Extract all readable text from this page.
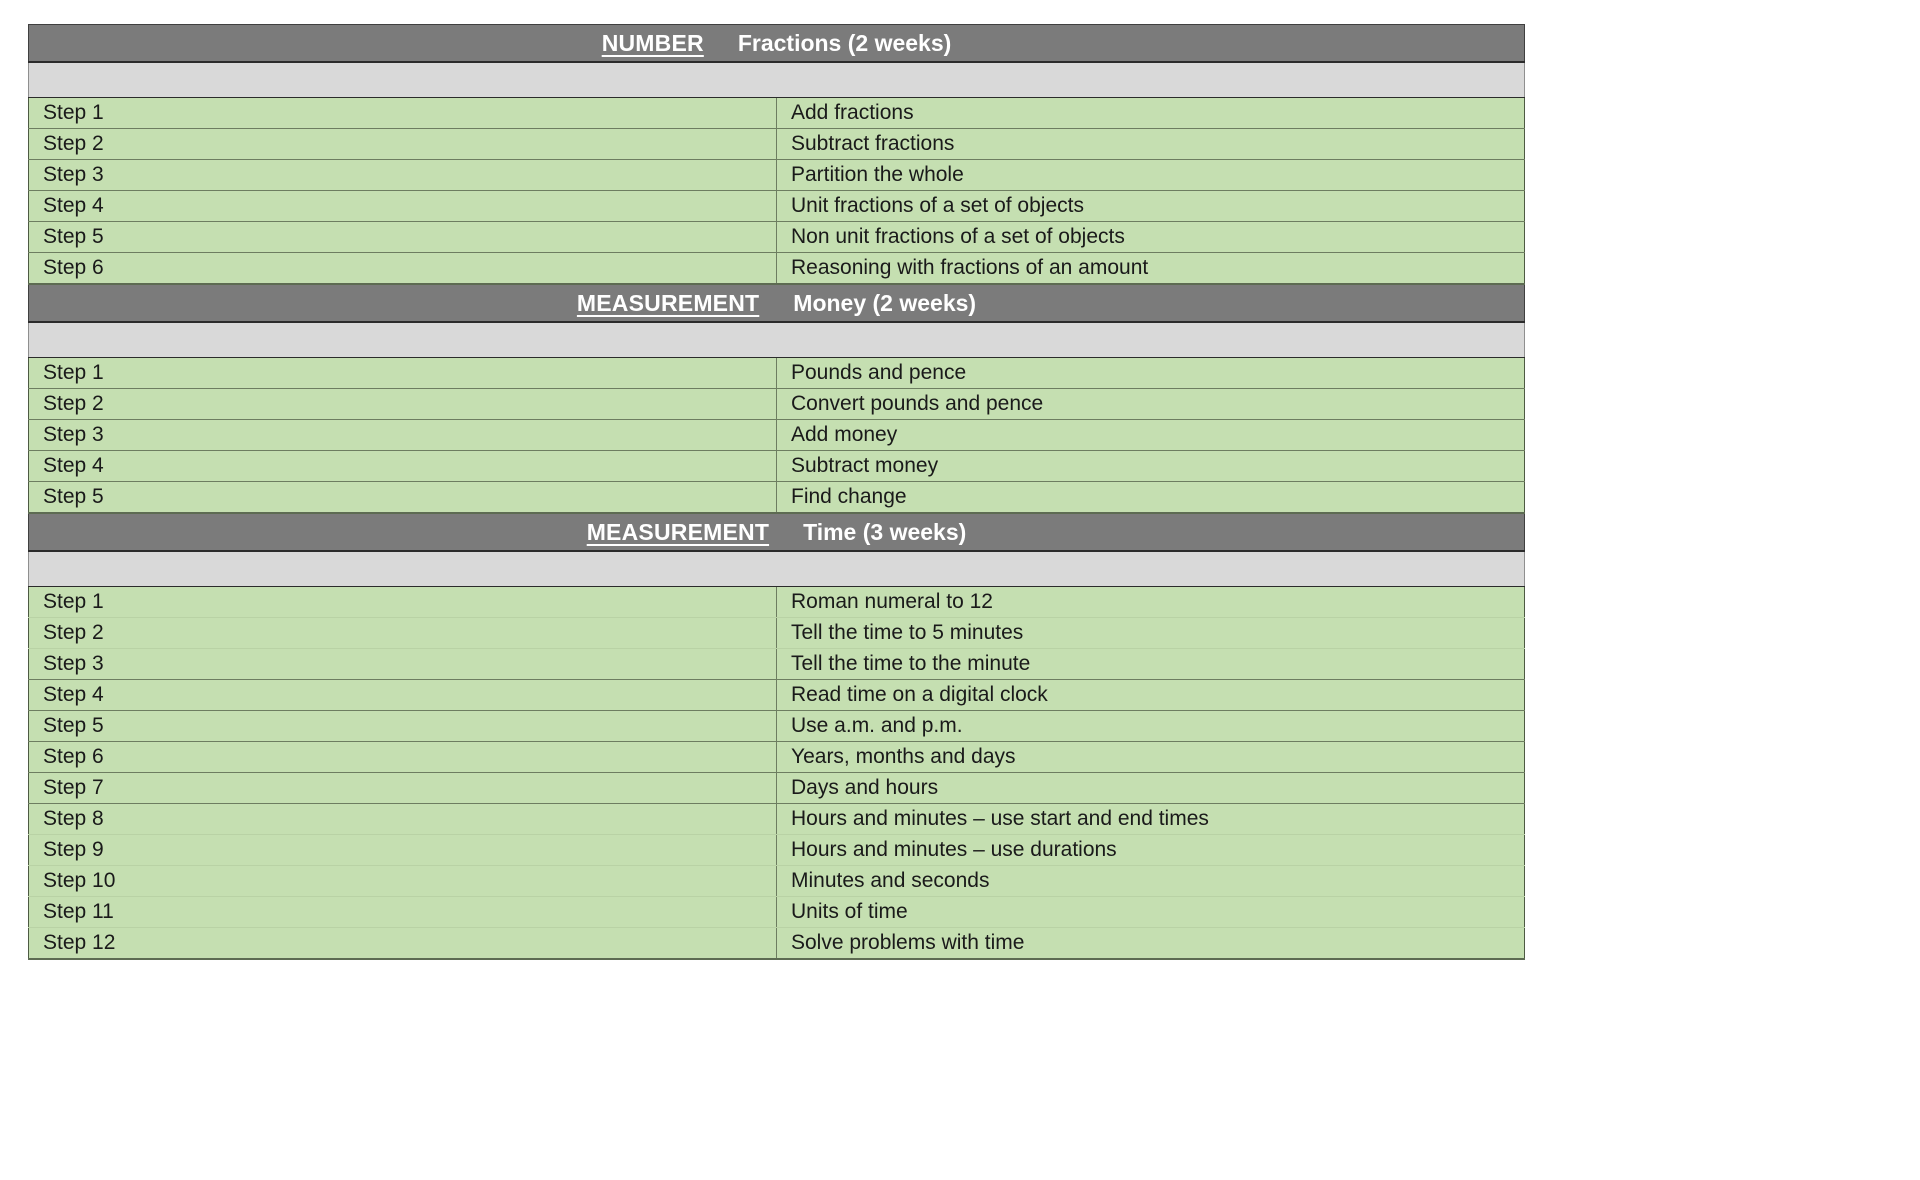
NUMBER Fractions (2 weeks)	

Step 1	Add fractions
Step 2	Subtract fractions
Step 3	Partition the whole
Step 4	Unit fractions of a set of objects
Step 5	Non unit fractions of a set of objects
Step 6	Reasoning with fractions of an amount

MEASUREMENT Money (2 weeks)	

Step 1	Pounds and pence
Step 2	Convert pounds and pence
Step 3	Add money
Step 4	Subtract money
Step 5	Find change

MEASUREMENT Time (3 weeks)	

Step 1	Roman numeral to 12
Step 2	Tell the time to 5 minutes
Step 3	Tell the time to the minute
Step 4	Read time on a digital clock
Step 5	Use a.m. and p.m.
Step 6	Years, months and days
Step 7	Days and hours
Step 8	Hours and minutes – use start and end times
Step 9	Hours and minutes – use durations
Step 10	Minutes and seconds
Step 11	Units of time
Step 12	Solve problems with time
